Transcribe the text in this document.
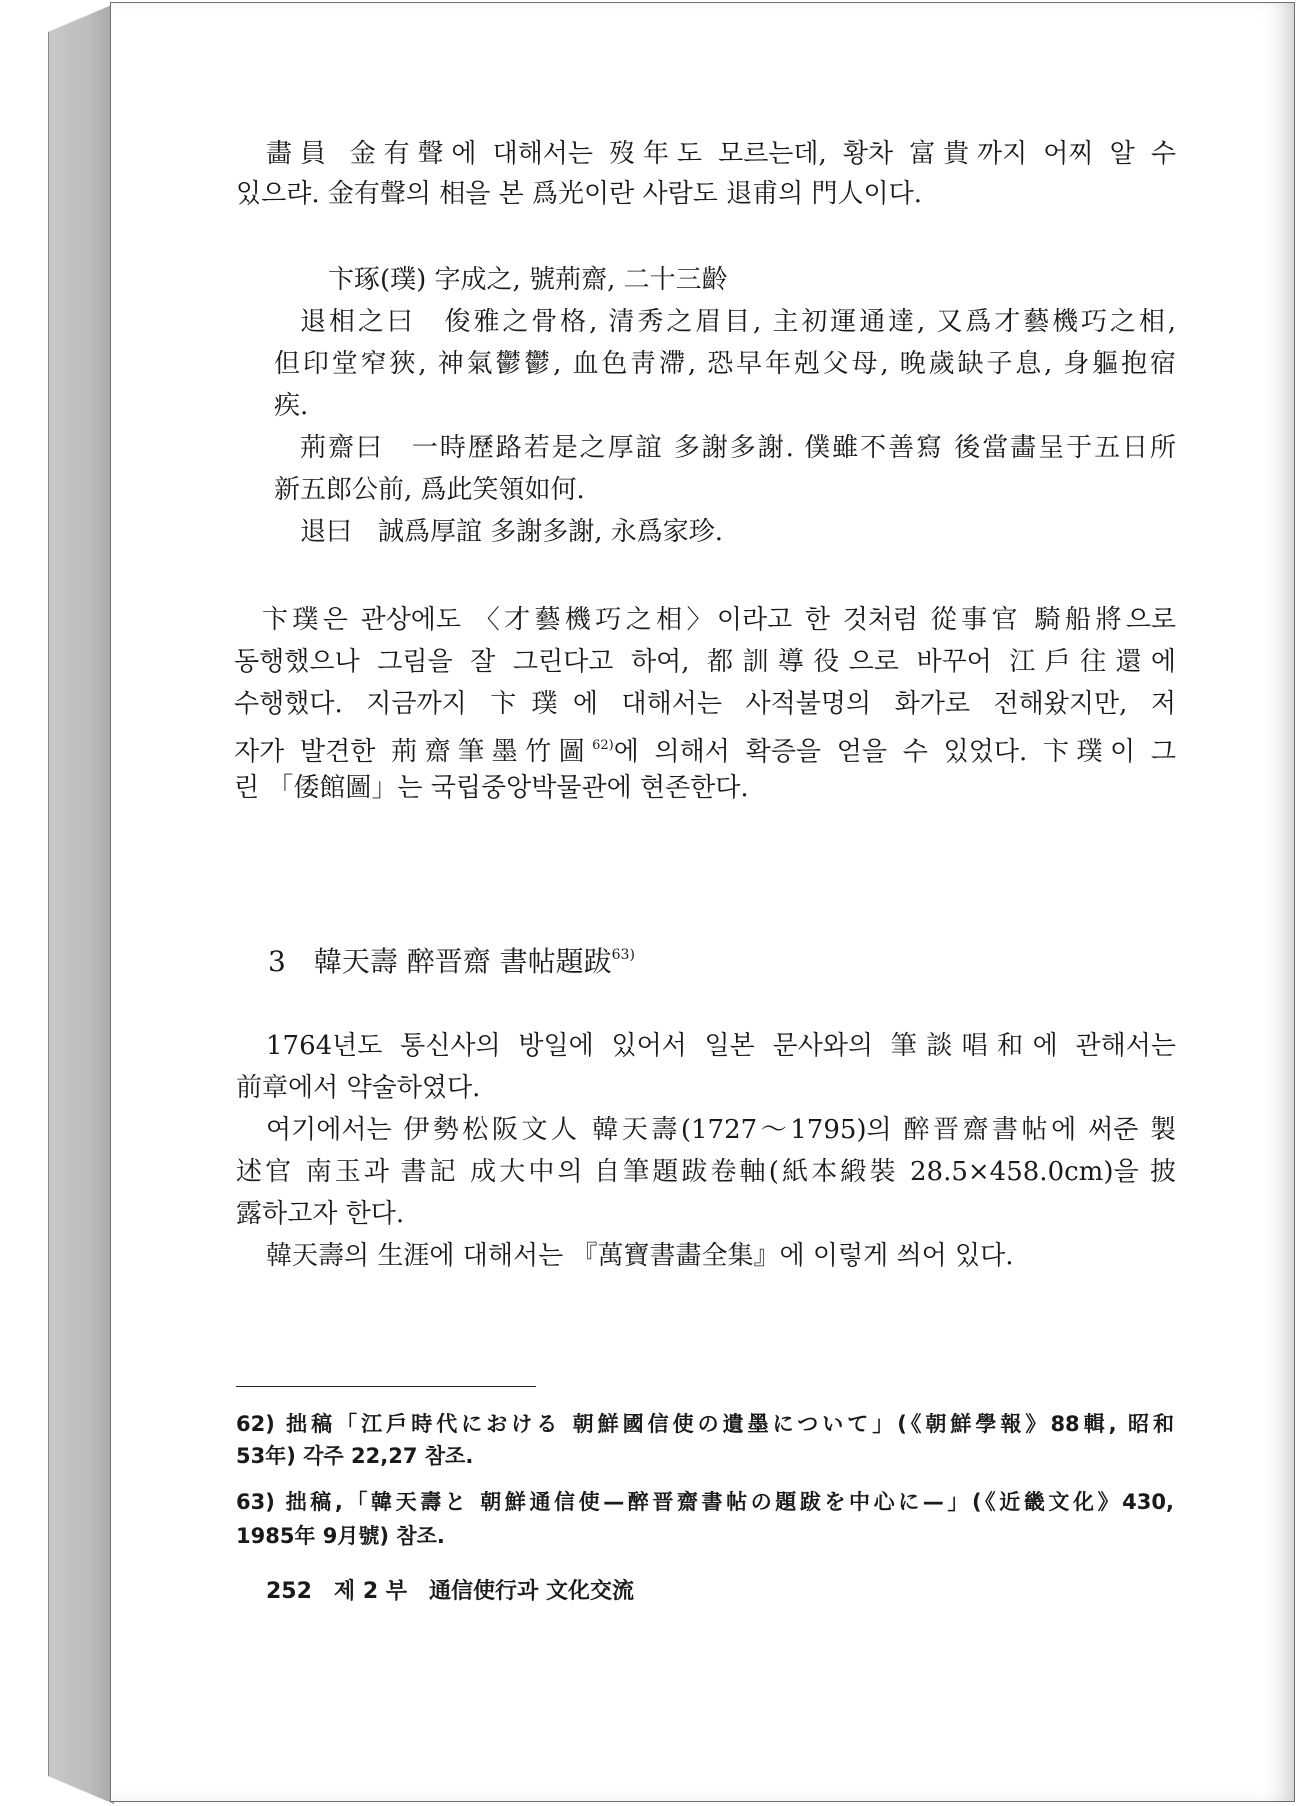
畵員 金有聲에 대해서는 歿年도 모르는데, 황차 富貴까지 어찌 알 수
있으랴. 金有聲의 相을 본 爲光이란 사람도 退甫의 門人이다.
卞琢(璞) 字成之, 號荊齋, 二十三齡
退相之曰　俊雅之骨格, 清秀之眉目, 主初運通達, 又爲才藝機巧之相,
但印堂窄狹, 神氣鬱鬱, 血色靑滯, 恐早年剋父母, 晚歲缺子息, 身軀抱宿
疾.
荊齋曰　一時歷路若是之厚誼 多謝多謝. 僕雖不善寫 後當畵呈于五日所
新五郎公前, 爲此笑領如何.
退曰　誠爲厚誼 多謝多謝, 永爲家珍.
卞璞은 관상에도 〈才藝機巧之相〉이라고 한 것처럼 從事官 騎船將으로
동행했으나 그림을 잘 그린다고 하여, 都訓導役으로 바꾸어 江戶往還에
수행했다. 지금까지 卞璞에 대해서는 사적불명의 화가로 전해왔지만, 저
자가 발견한 荊齋筆墨竹圖$^{62)}$에 의해서 확증을 얻을 수 있었다. 卞璞이 그
린 「倭館圖」는 국립중앙박물관에 현존한다.
3　韓天壽 醉晋齋 書帖題跋$^{63)}$
1764년도 통신사의 방일에 있어서 일본 문사와의 筆談唱和에 관해서는
前章에서 약술하였다.
여기에서는 伊勢松阪文人 韓天壽(1727～1795)의 醉晋齋書帖에 써준 製
述官 南玉과 書記 成大中의 自筆題跋卷軸(紙本緞裝 28.5×458.0cm)을 披
露하고자 한다.
韓天壽의 生涯에 대해서는 『萬寶書畵全集』에 이렇게 씌어 있다.
62) 拙稿「江戶時代における 朝鮮國信使の遺墨について」(《朝鮮學報》88輯, 昭和
53年) 각주 22,27 참조.
63) 拙稿,「韓天壽と 朝鮮通信使—醉晋齋書帖の題跋を中心に—」(《近畿文化》430,
1985年 9月號) 참조.
252　제 2 부　通信使行과 文化交流
